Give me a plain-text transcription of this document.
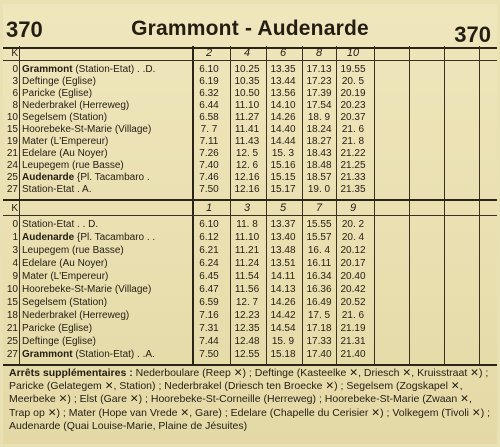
370	Grammont - Audenarde	370
K	2	4	6	8	10
0 Grammont (Station-Etat) . .D.	6.10	10.25	13.35	17.13 19.55
3 Deftinge (Eglise)	6.19	10.35	13.44	17.23	20. 5
6 Paricke (Eglise)	6.32	10.50	13.56	17.39 20.19
8 Nederbrakel (Herreweg)	6.44	11.10	14.10	17.54 20.23
10 Segelsem (Station)	6.58	11.27	14.26	18. 9	20.37
15 Hoorebeke-St-Marie (Village)	7. 7	11.41	14.40	18.24	21. 6
19 Mater (L'Empereur)	7.11	11.43	14.44	18.27	21. 8
21 Edelare (Au Noyer)	7.26	12. 5	15. 3	18.43 21.22
24 Leupegem (rue Basse)	7.40	12. 6	15.16	18.48 21.25
25 Audenarde {Pl. Tacambaro .	7.46	12.16	15.15	18.57 21.33
27 Station-Etat . A.	7.50	12.16	15.17	19. 0	21.35
K	1	3	5	7	9
0 Station-Etat . . D.	6.10	11. 8	13.37	15.55	20. 2
1 Audenarde {Pl. Tacambaro . .	6.12	11.10	13.40	15.57	20. 4
3 Leupegem (rue Basse)	6.21	11.21	13.48	16. 4	20.12
4 Edelare (Au Noyer)	6.24	11.24	13.51	16.11 20.17
9 Mater (L'Empereur)	6.45	11.54	14.11	16.34 20.40
10 Hoorebeke-St-Marie (Village)	6.47	11.56	14.13	16.36 20.42
15 Segelsem (Station)	6.59	12. 7	14.26	16.49 20.52
18 Nederbrakel (Herreweg)	7.16	12.23	14.42	17. 5	21. 6
21 Paricke (Eglise)	7.31	12.35	14.54	17.18 21.19
25 Deftinge (Eglise)	7.44	12.48	15. 9	17.33 21.31
27 Grammont (Station-Etat) . .A.	7.50	12.55	15.18	17.40 21.40
Arrêts supplémentaires : Nederboulare (Reep ✕) ; Deftinge (Kasteelke ✕, Driesch ✕, Kruisstraat ✕) ; Paricke (Gelategem ✕, Station) ; Nederbrakel (Driesch ten Broecke ✕) ; Segelsem (Zogskapel ✕, Meerbeke ✕) ; Elst (Gare ✕) ; Hoorebeke-St-Corneille (Herreweg) ; Hoorebeke-St-Marie (Zwaan ✕, Trap op ✕) ; Mater (Hope van Vrede ✕, Gare) ; Edelare (Chapelle du Cerisier ✕) ; Volkegem (Tivoli ✕) ; Audenarde (Quai Louise-Marie, Plaine de Jésuites)
